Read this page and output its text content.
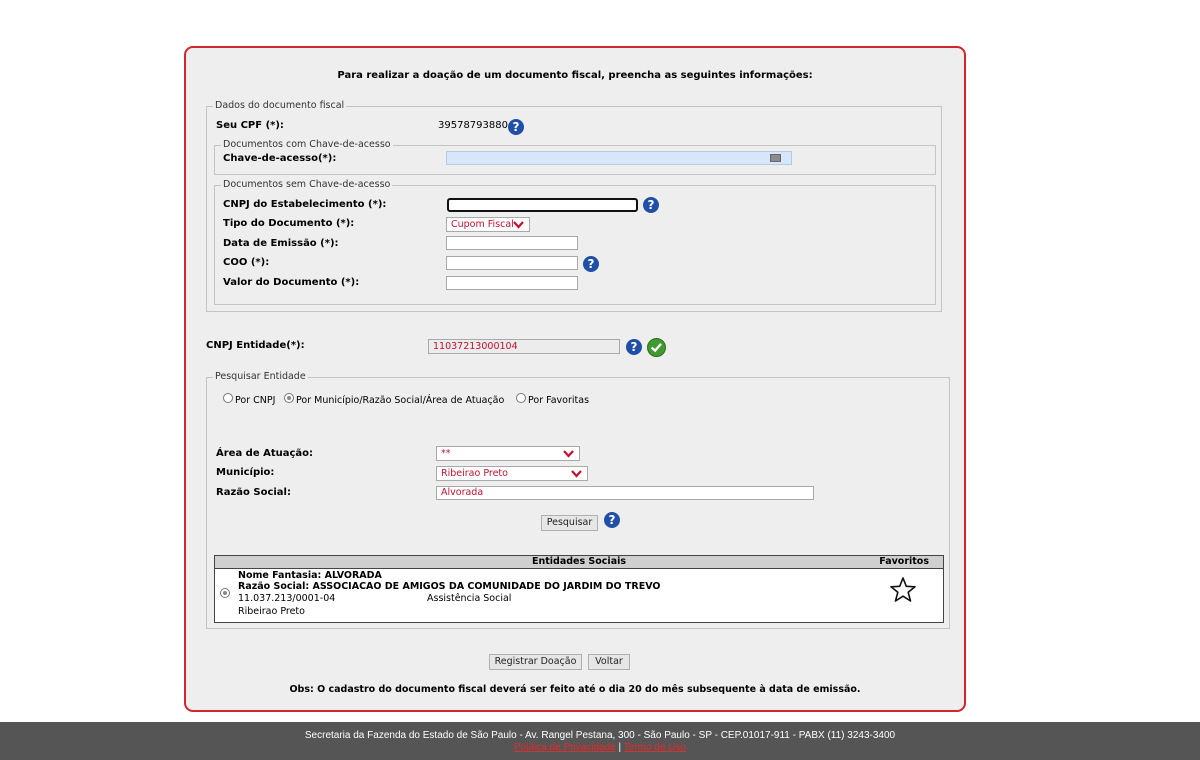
Para realizar a doação de um documento fiscal, preencha as seguintes informações:
Dados do documento fiscal
Seu CPF (*):	39578793880 ?
Documentos com Chave-de-acesso
Chave-de-acesso(*):
Documentos sem Chave-de-acesso
CNPJ do Estabelecimento (*):	?
Tipo do Documento (*):	Cupom Fiscal
Data de Emissão (*):
COO (*):	?
Valor do Documento (*):
CNPJ Entidade(*):	11037213000104	?
Pesquisar Entidade
Por CNPJ Por Município/Razão Social/Área de Atuação Por Favoritas
Área de Atuação:	**
Município:	Ribeirao Preto
Razão Social:	Alvorada
Pesquisar	?
Entidades Sociais	Favoritos
Nome Fantasia: ALVORADA
Razão Social: ASSOCIACAO DE AMIGOS DA COMUNIDADE DO JARDIM DO TREVO
11.037.213/0001-04	Assistência Social
Ribeirao Preto
Registrar Doação	Voltar
Obs: O cadastro do documento fiscal deverá ser feito até o dia 20 do mês subsequente à data de emissão.
Secretaria da Fazenda do Estado de São Paulo - Av. Rangel Pestana, 300 - São Paulo - SP - CEP.01017-911 - PABX (11) 3243-3400
Política de Privacidade | Termo de Uso
